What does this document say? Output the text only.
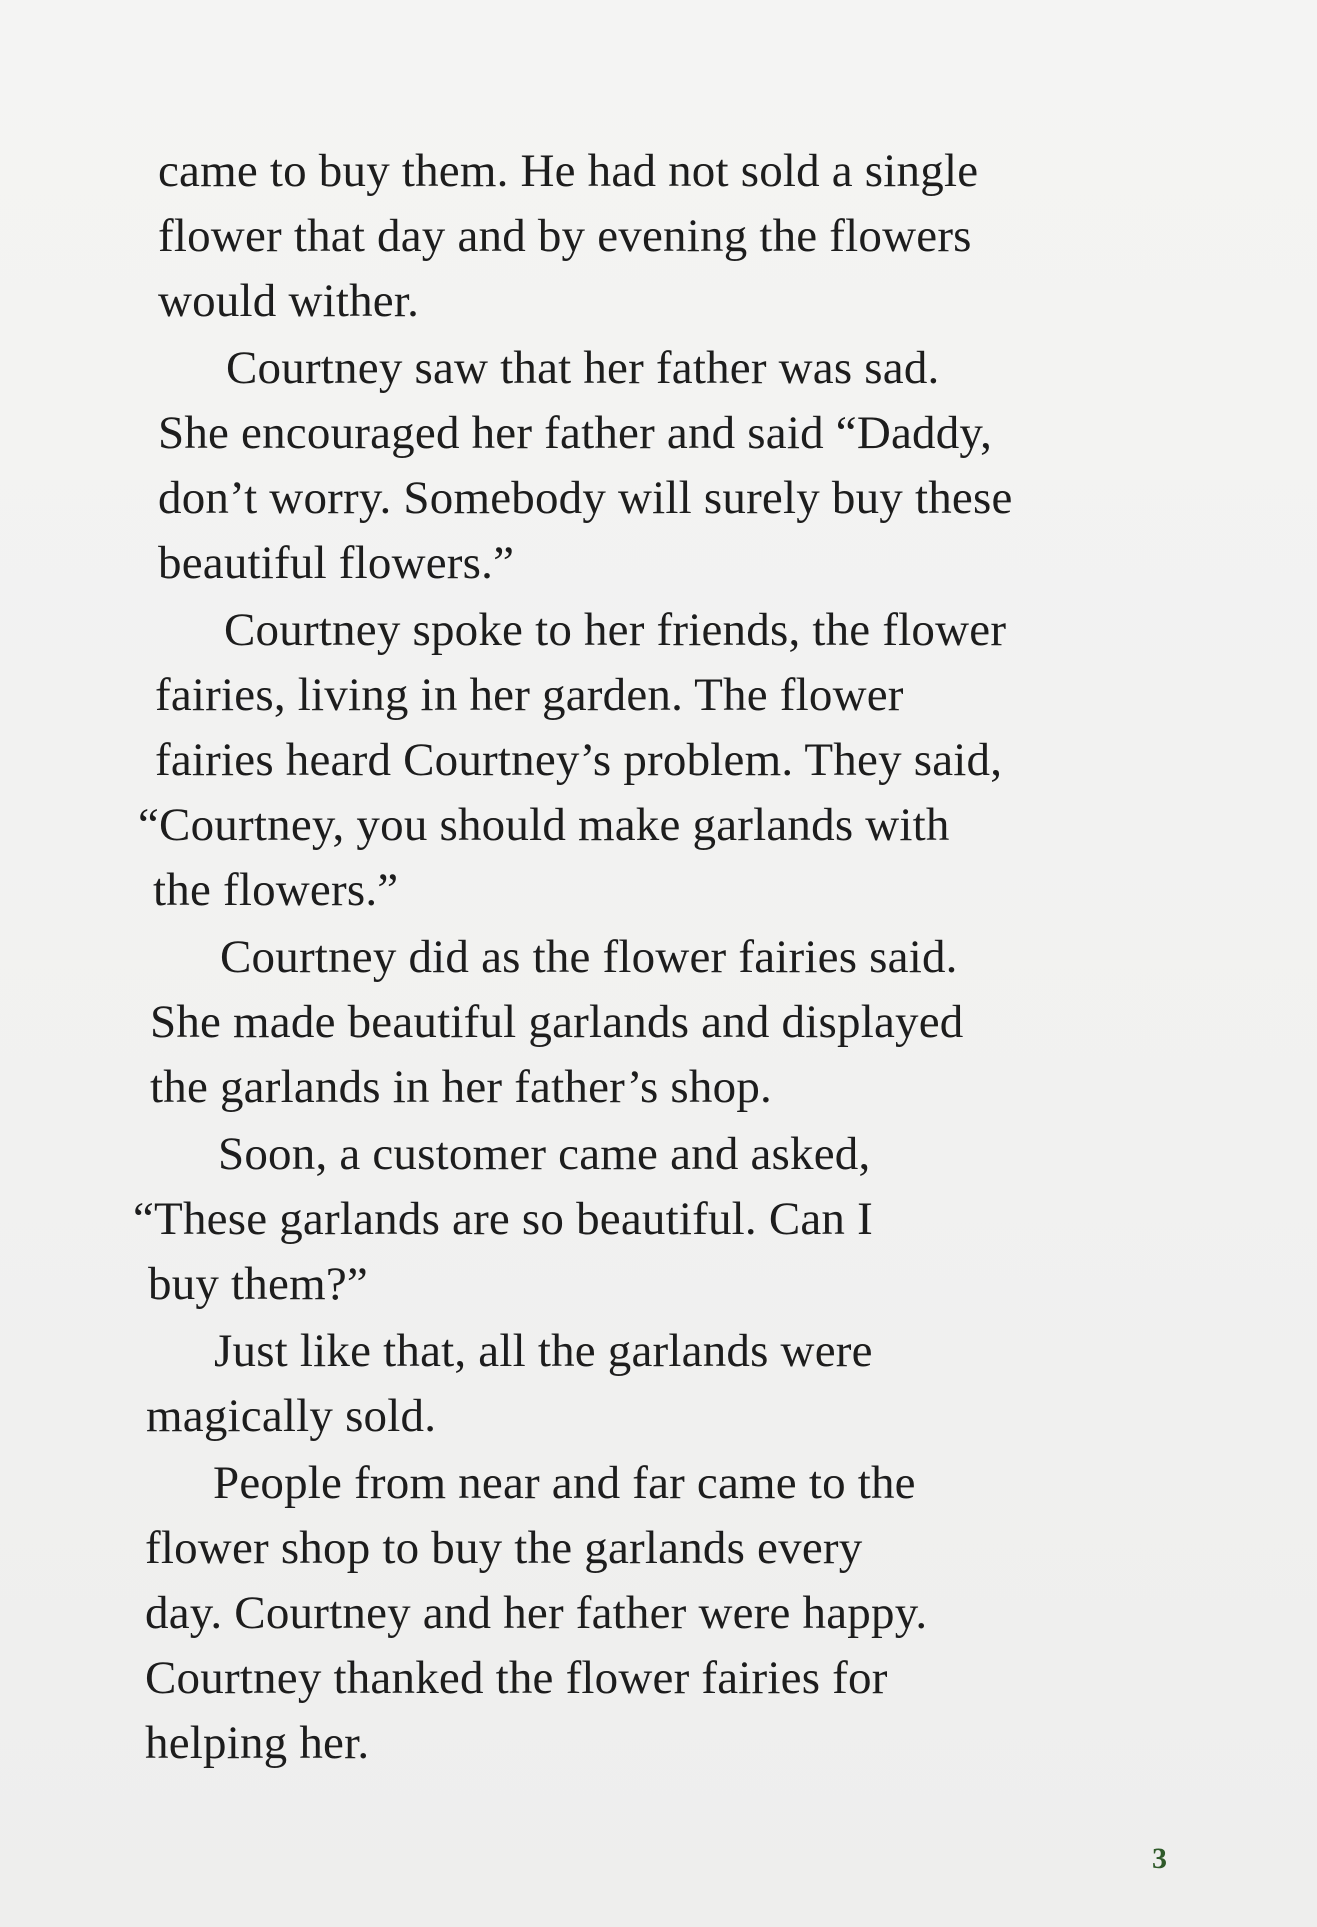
came to buy them. He had not sold a single
flower that day and by evening the flowers
would wither.
Courtney saw that her father was sad.
She encouraged her father and said “Daddy,
don’t worry. Somebody will surely buy these
beautiful flowers.”
Courtney spoke to her friends, the flower
fairies, living in her garden. The flower
fairies heard Courtney’s problem. They said,
“Courtney, you should make garlands with
the flowers.”
Courtney did as the flower fairies said.
She made beautiful garlands and displayed
the garlands in her father’s shop.
Soon, a customer came and asked,
“These garlands are so beautiful. Can I
buy them?”
Just like that, all the garlands were
magically sold.
People from near and far came to the
flower shop to buy the garlands every
day. Courtney and her father were happy.
Courtney thanked the flower fairies for
helping her.
3
